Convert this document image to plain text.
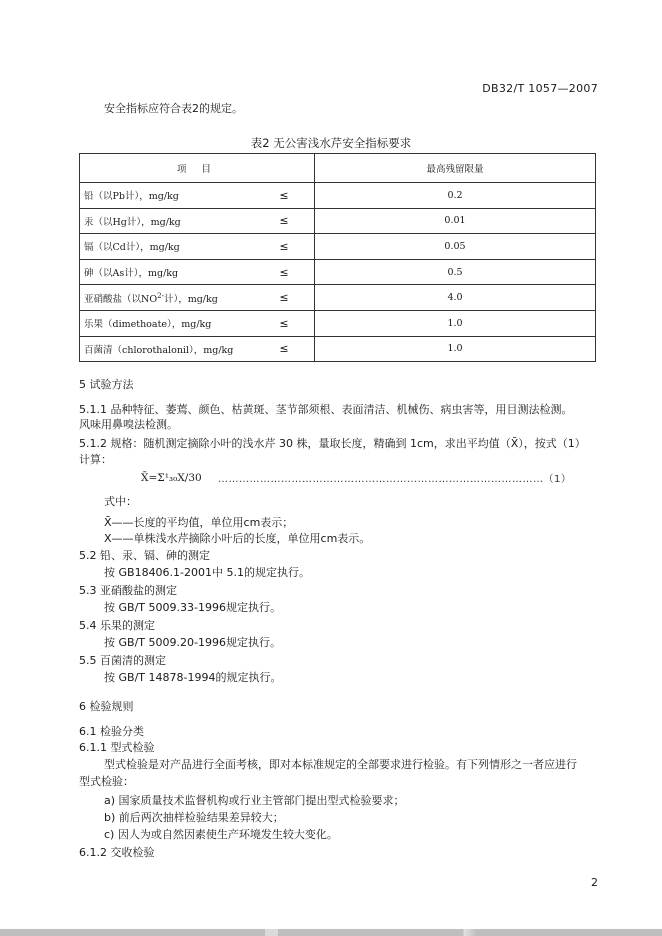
DB32/T 1057—2007
安全指标应符合表2的规定。
表2 无公害浅水芹安全指标要求
项 目		最高残留限量
铅（以Pb计），mg/kg	≤	0.2
汞（以Hg计），mg/kg	≤	0.01
镉（以Cd计），mg/kg	≤	0.05
砷（以As计），mg/kg	≤	0.5
亚硝酸盐（以$NO^{2-}$计），mg/kg	≤	4.0
乐果（dimethoate），mg/kg	≤	1.0
百菌清（chlorothalonil），mg/kg	≤	1.0
5 试验方法
5.1.1 品种特征、萎蔫、颜色、枯黄斑、茎节部须根、表面清洁、机械伤、病虫害等，用目测法检测。
风味用鼻嗅法检测。
5.1.2 规格：随机测定摘除小叶的浅水芹 30 株，量取长度，精确到 1cm，求出平均值（X̄），按式（1）
计算：
X̄=Σ¹₃₀X/30 …………………………………………………………………………………（1）
式中：
X̄——长度的平均值，单位用cm表示；
X——单株浅水芹摘除小叶后的长度，单位用cm表示。
5.2 铅、汞、镉、砷的测定
按 GB18406.1-2001中 5.1的规定执行。
5.3 亚硝酸盐的测定
按 GB/T 5009.33-1996规定执行。
5.4 乐果的测定
按 GB/T 5009.20-1996规定执行。
5.5 百菌清的测定
按 GB/T 14878-1994的规定执行。
6 检验规则
6.1 检验分类
6.1.1 型式检验
型式检验是对产品进行全面考核，即对本标准规定的全部要求进行检验。有下列情形之一者应进行
型式检验：
a) 国家质量技术监督机构或行业主管部门提出型式检验要求；
b) 前后两次抽样检验结果差异较大；
c) 因人为或自然因素使生产环境发生较大变化。
6.1.2 交收检验
2
